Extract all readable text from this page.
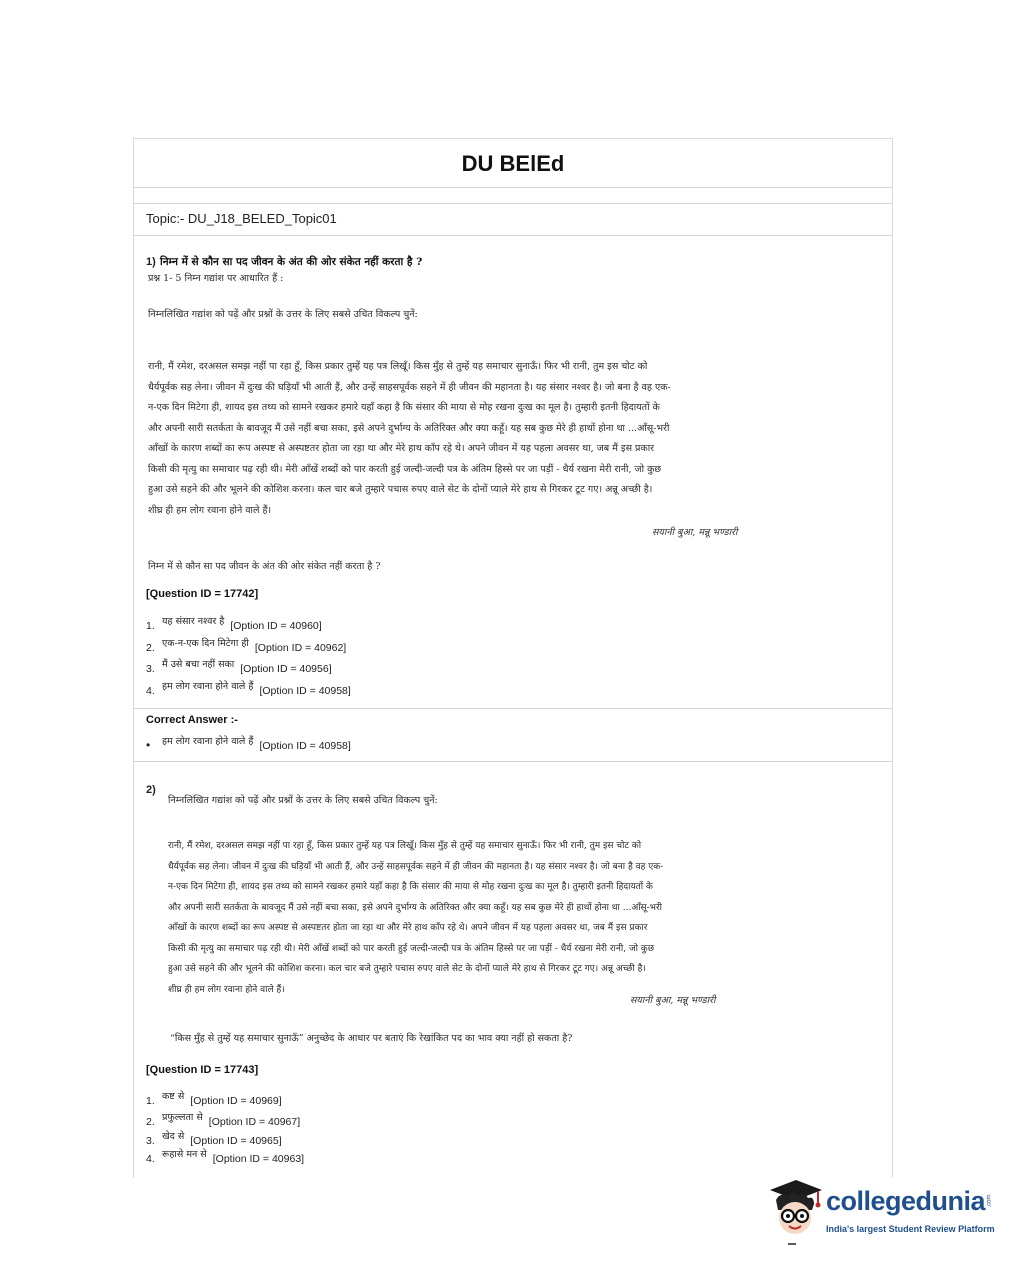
DU BElEd
Topic:- DU_J18_BELED_Topic01
1) निम्न में से कौन सा पद जीवन के अंत की ओर संकेत नहीं करता है ?
प्रश्न 1- 5 निम्न गद्यांश पर आधारित हैं :
निम्नलिखित गद्यांश को पढ़ें और प्रश्नों के उत्तर के लिए सबसे उचित विकल्प चुनें:
रानी, मैं रमेश, दरअसल समझ नहीं पा रहा हूँ, किस प्रकार तुम्हें यह पत्र लिखूँ। किस मुँह से तुम्हें यह समाचार सुनाऊँ। फिर भी रानी, तुम इस चोट को
धैर्यपूर्वक सह लेना। जीवन में दुःख की घड़ियाँ भी आती हैं, और उन्हें साहसपूर्वक सहने में ही जीवन की महानता है। यह संसार नश्वर है। जो बना है वह एक-
न-एक दिन मिटेगा ही, शायद इस तथ्य को सामने रखकर हमारे यहाँ कहा है कि संसार की माया से मोह रखना दुःख का मूल है। तुम्हारी इतनी हिदायतों के
और अपनी सारी सतर्कता के बावजूद मैं उसे नहीं बचा सका, इसे अपने दुर्भाग्य के अतिरिक्त और क्या कहूँ। यह सब कुछ मेरे ही हाथों होना था ...आँसू-भरी
आँखों के कारण शब्दों का रूप अस्पष्ट से अस्पष्टतर होता जा रहा था और मेरे हाथ काँप रहे थे। अपने जीवन में यह पहला अवसर था, जब मैं इस प्रकार
किसी की मृत्यु का समाचार पढ़ रही थी। मेरी आँखें शब्दों को पार करती हुई जल्दी-जल्दी पत्र के अंतिम हिस्से पर जा पड़ीं - धैर्य रखना मेरी रानी, जो कुछ
हुआ उसे सहने की और भूलने की कोशिश करना। कल चार बजे तुम्हारे पचास रुपए वाले सेट के दोनों प्याले मेरे हाथ से गिरकर टूट गए। अन्नू अच्छी है।
शीघ्र ही हम लोग रवाना होने वाले हैं।
सयानी बुआ, मन्नू भण्डारी
निम्न में से कौन सा पद जीवन के अंत की ओर संकेत नहीं करता है ?
[Question ID = 17742]
1. यह संसार नश्वर है [Option ID = 40960]
2. एक-न-एक दिन मिटेगा ही [Option ID = 40962]
3. मैं उसे बचा नहीं सका [Option ID = 40956]
4. हम लोग रवाना होने वाले हैं [Option ID = 40958]
Correct Answer :-
• हम लोग रवाना होने वाले हैं [Option ID = 40958]
2)
निम्नलिखित गद्यांश को पढ़ें और प्रश्नों के उत्तर के लिए सबसे उचित विकल्प चुनें:
रानी, मैं रमेश, दरअसल समझ नहीं पा रहा हूँ, किस प्रकार तुम्हें यह पत्र लिखूँ। किस मुँह से तुम्हें यह समाचार सुनाऊँ। फिर भी रानी, तुम इस चोट को
धैर्यपूर्वक सह लेना। जीवन में दुःख की घड़ियाँ भी आती हैं, और उन्हें साहसपूर्वक सहने में ही जीवन की महानता है। यह संसार नश्वर है। जो बना है वह एक-
न-एक दिन मिटेगा ही, शायद इस तथ्य को सामने रखकर हमारे यहाँ कहा है कि संसार की माया से मोह रखना दुःख का मूल है। तुम्हारी इतनी हिदायतों के
और अपनी सारी सतर्कता के बावजूद मैं उसे नहीं बचा सका, इसे अपने दुर्भाग्य के अतिरिक्त और क्या कहूँ। यह सब कुछ मेरे ही हाथों होना था ...आँसू-भरी
आँखों के कारण शब्दों का रूप अस्पष्ट से अस्पष्टतर होता जा रहा था और मेरे हाथ काँप रहे थे। अपने जीवन में यह पहला अवसर था, जब मैं इस प्रकार
किसी की मृत्यु का समाचार पढ़ रही थी। मेरी आँखें शब्दों को पार करती हुई जल्दी-जल्दी पत्र के अंतिम हिस्से पर जा पड़ीं - धैर्य रखना मेरी रानी, जो कुछ
हुआ उसे सहने की और भूलने की कोशिश करना। कल चार बजे तुम्हारे पचास रुपए वाले सेट के दोनों प्याले मेरे हाथ से गिरकर टूट गए। अन्नू अच्छी है।
शीघ्र ही हम लोग रवाना होने वाले हैं।
सयानी बुआ, मन्नू भण्डारी
“किस मुँह से तुम्हें यह समाचार सुनाऊँ” अनुच्छेद के आधार पर बताएं कि रेखांकित पद का भाव क्या नहीं हो सकता है?
[Question ID = 17743]
1. कष्ट से [Option ID = 40969]
2. प्रफुल्लता से [Option ID = 40967]
3. खेद से [Option ID = 40965]
4. रूहासे मन से [Option ID = 40963]
collegedunia .com
India's largest Student Review Platform
